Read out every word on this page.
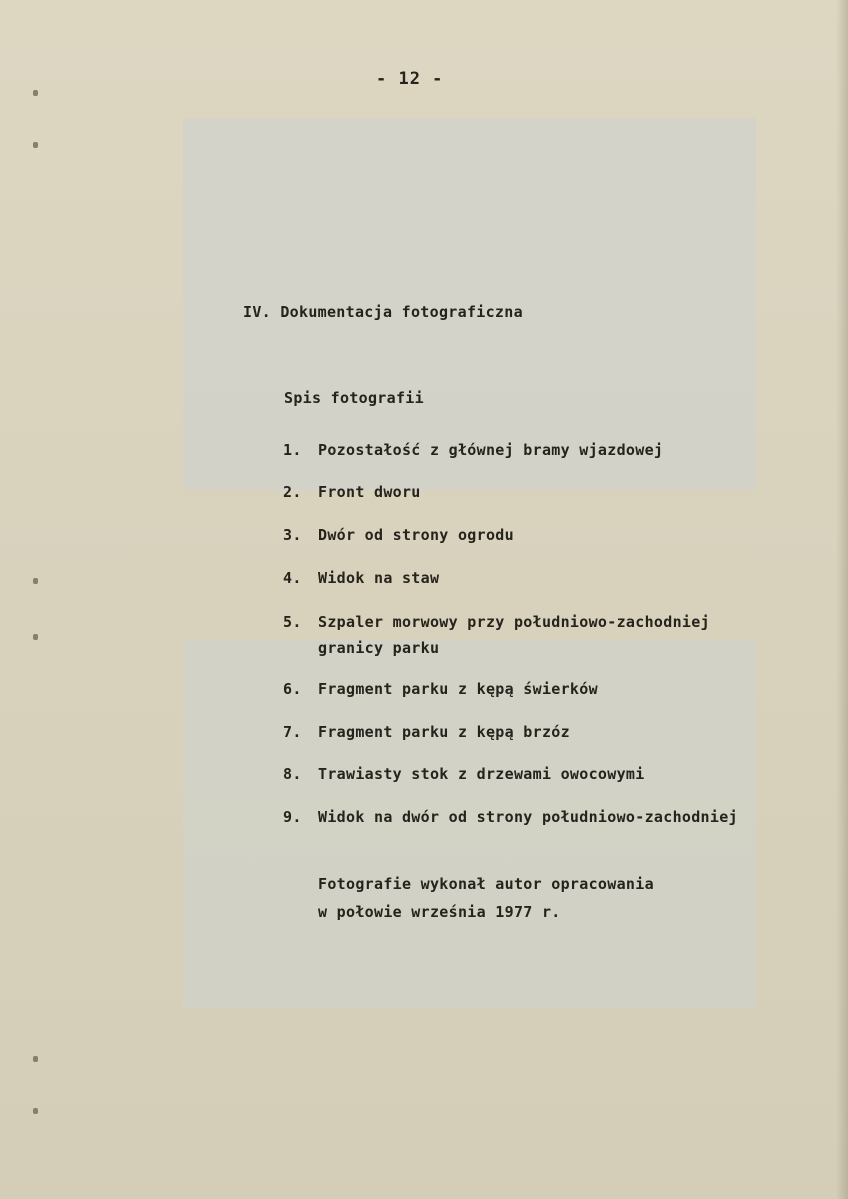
- 12 -

IV. Dokumentacja fotograficzna

Spis fotografii

1.	Pozostałość z głównej bramy wjazdowej
2.	Front dworu
3.	Dwór od strony ogrodu
4.	Widok na staw
5.	Szpaler morwowy przy południowo-zachodniej
granicy parku
6.	Fragment parku z kępą świerków
7.	Fragment parku z kępą brzóz
8.	Trawiasty stok z drzewami owocowymi
9.	Widok na dwór od strony południowo-zachodniej

Fotografie wykonał autor opracowania

w połowie września 1977 r.
